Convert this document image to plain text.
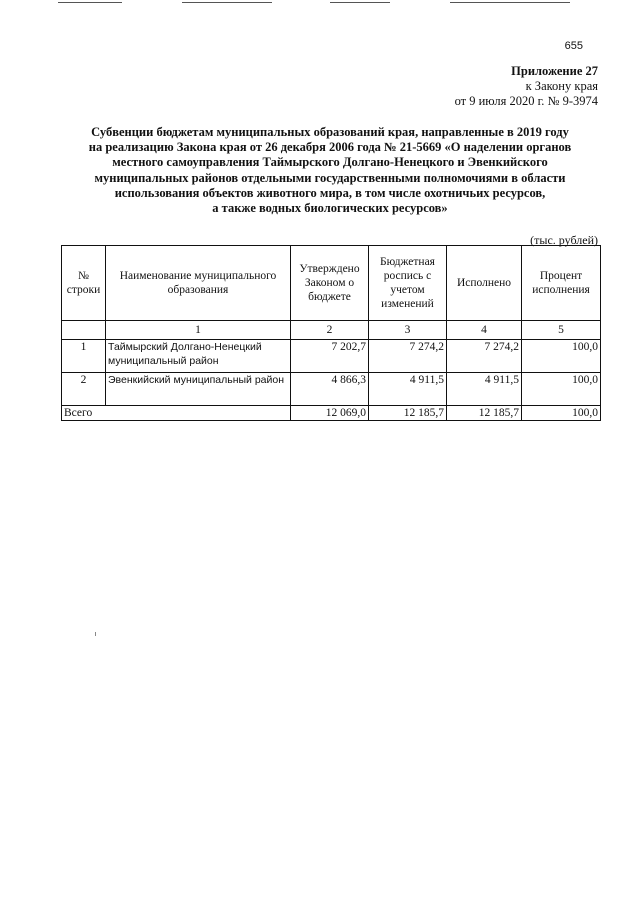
655
Приложение 27
к Закону края
от 9 июля 2020 г. № 9-3974
Субвенции бюджетам муниципальных образований края, направленные в 2019 году
на реализацию Закона края от 26 декабря 2006 года № 21-5669 «О наделении органов
местного самоуправления Таймырского Долгано-Ненецкого и Эвенкийского
муниципальных районов отдельными государственными полномочиями в области
использования объектов животного мира, в том числе охотничьих ресурсов,
а также водных биологических ресурсов»
(тыс. рублей)
№ строки	Наименование муниципального образования	Утверждено Законом о бюджете	Бюджетная роспись с учетом изменений	Исполнено	Процент исполнения
	1	2	3	4	5
1	Таймырский Долгано-Ненецкий муниципальный район	7 202,7	7 274,2	7 274,2	100,0
2	Эвенкийский муниципальный район	4 866,3	4 911,5	4 911,5	100,0
Всего		12 069,0	12 185,7	12 185,7	100,0
